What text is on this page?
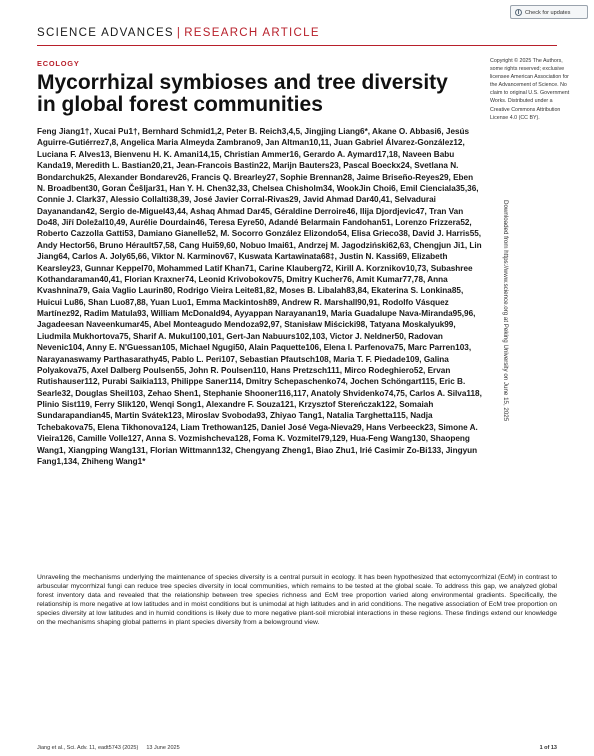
Check for updates
SCIENCE ADVANCES | RESEARCH ARTICLE
ECOLOGY
Mycorrhizal symbioses and tree diversity in global forest communities
Copyright © 2025 The Authors, some rights reserved; exclusive licensee American Association for the Advancement of Science. No claim to original U.S. Government Works. Distributed under a Creative Commons Attribution License 4.0 (CC BY).
Feng Jiang1†, Xucai Pu1†, Bernhard Schmid1,2, Peter B. Reich3,4,5, Jingjing Liang6*, Akane O. Abbasi6, Jesús Aguirre-Gutiérrez7,8, Angelica Maria Almeyda Zambrano9, Jan Altman10,11, Juan Gabriel Álvarez-González12, Luciana F. Alves13, Bienvenu H. K. Amani14,15, Christian Ammer16, Gerardo A. Aymard17,18, Naveen Babu Kanda19, Meredith L. Bastian20,21, Jean-Francois Bastin22, Marijn Bauters23, Pascal Boeckx24, Svetlana N. Bondarchuk25, Alexander Bondarev26, Francis Q. Brearley27, Sophie Brennan28, Jaime Briseño-Reyes29, Eben N. Broadbent30, Goran Češljar31, Han Y. H. Chen32,33, Chelsea Chisholm34, WookJin Choi6, Emil Cienciala35,36, Connie J. Clark37, Alessio Collalti38,39, José Javier Corral-Rivas29, Javid Ahmad Dar40,41, Selvadurai Dayanandan42, Sergio de-Miguel43,44, Ashaq Ahmad Dar45, Géraldine Derroire46, Ilija Djordjevic47, Tran Van Do48, Jiří Doležal10,49, Aurélie Dourdain46, Teresa Eyre50, Adandé Belarmain Fandohan51, Lorenzo Frizzera52, Roberto Cazzolla Gatti53, Damiano Gianelle52, M. Socorro González Elizondo54, Elisa Grieco38, David J. Harris55, Andy Hector56, Bruno Hérault57,58, Cang Hui59,60, Nobuo Imai61, Andrzej M. Jagodziński62,63, Chengjun Ji1, Lin Jiang64, Carlos A. Joly65,66, Viktor N. Karminov67, Kuswata Kartawinata68‡, Justin N. Kassi69, Elizabeth Kearsley23, Gunnar Keppel70, Mohammed Latif Khan71, Carine Klauberg72, Kirill A. Korznikov10,73, Subashree Kothandaraman40,41, Florian Kraxner74, Leonid Krivobokov75, Dmitry Kucher76, Amit Kumar77,78, Anna Kvashnina79, Gaia Vaglio Laurin80, Rodrigo Vieira Leite81,82, Moses B. Libalah83,84, Ekaterina S. Lonkina85, Huicui Lu86, Shan Luo87,88, Yuan Luo1, Emma Mackintosh89, Andrew R. Marshall90,91, Rodolfo Vásquez Martínez92, Radim Matula93, William McDonald94, Ayyappan Narayanan19, Maria Guadalupe Nava-Miranda95,96, Jagadeesan Naveenkumar45, Abel Monteagudo Mendoza92,97, Stanisław Miścicki98, Tatyana Moskalyuk99, Liudmila Mukhortova75, Sharif A. Mukul100,101, Gert-Jan Nabuurs102,103, Victor J. Neldner50, Radovan Nevenic104, Anny E. N'Guessan105, Michael Ngugi50, Alain Paquette106, Elena I. Parfenova75, Marc Parren103, Narayanaswamy Parthasarathy45, Pablo L. Peri107, Sebastian Pfautsch108, Maria T. F. Piedade109, Galina Polyakova75, Axel Dalberg Poulsen55, John R. Poulsen110, Hans Pretzsch111, Mirco Rodeghiero52, Ervan Rutishauser112, Purabi Saikia113, Philippe Saner114, Dmitry Schepaschenko74, Jochen Schöngart115, Eric B. Searle32, Douglas Sheil103, Zehao Shen1, Stephanie Shooner116,117, Anatoly Shvidenko74,75, Carlos A. Silva118, Plinio Sist119, Ferry Slik120, Wenqi Song1, Alexandre F. Souza121, Krzysztof Stereńczak122, Somaiah Sundarapandian45, Martin Svátek123, Miroslav Svoboda93, Zhiyao Tang1, Natalia Targhetta115, Nadja Tchebakova75, Elena Tikhonova124, Liam Trethowan125, Daniel José Vega-Nieva29, Hans Verbeeck23, Simone A. Vieira126, Camille Volle127, Anna S. Vozmishcheva128, Foma K. Vozmitel79,129, Hua-Feng Wang130, Shaopeng Wang1, Xiangping Wang131, Florian Wittmann132, Chengyang Zheng1, Biao Zhu1, Irié Casimir Zo-Bi133, Jingyun Fang1,134, Zhiheng Wang1*
Downloaded from https://www.science.org at Peking University on June 15, 2025

Unraveling the mechanisms underlying the maintenance of species diversity is a central pursuit in ecology. It has been hypothesized that ectomycorrhizal (EcM) in contrast to arbuscular mycorrhizal fungi can reduce tree species diversity in local communities, which remains to be tested at the global scale. To address this gap, we analyzed global forest inventory data and revealed that the relationship between tree species richness and EcM tree proportion varied along environmental gradients. Specifically, the relationship is more negative at low latitudes and in moist conditions but is unimodal at high latitudes and in arid conditions. The negative association of EcM tree proportion on species diversity at low latitudes and in humid conditions is likely due to more negative plant-soil microbial interactions in these regions. These findings extend our knowledge on the mechanisms shaping global patterns in plant species diversity from a belowground view.

Jiang et al., Sci. Adv. 11, eadt5743 (2025) 13 June 2025	1 of 13
